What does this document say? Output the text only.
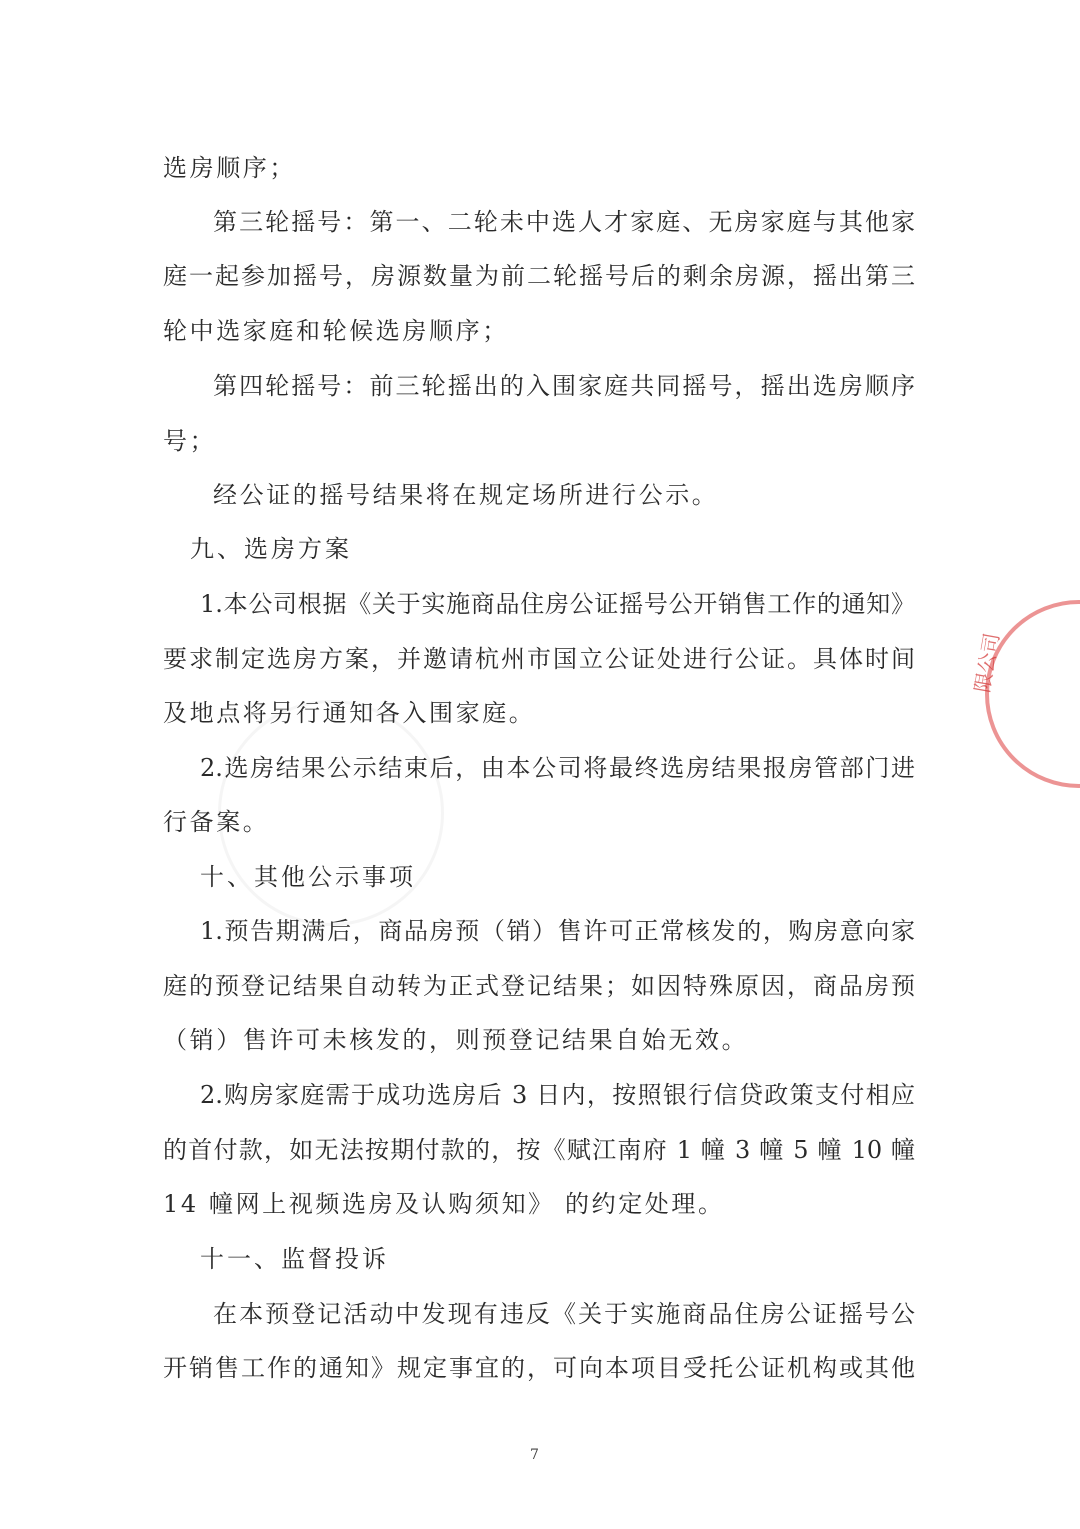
限公司
选房顺序；
第三轮摇号：第一、二轮未中选人才家庭、无房家庭与其他家
庭一起参加摇号，房源数量为前二轮摇号后的剩余房源，摇出第三
轮中选家庭和轮候选房顺序；
第四轮摇号：前三轮摇出的入围家庭共同摇号，摇出选房顺序
号；
经公证的摇号结果将在规定场所进行公示。
九、选房方案
1.本公司根据《关于实施商品住房公证摇号公开销售工作的通知》
要求制定选房方案，并邀请杭州市国立公证处进行公证。具体时间
及地点将另行通知各入围家庭。
2.选房结果公示结束后，由本公司将最终选房结果报房管部门进
行备案。
十、其他公示事项
1.预告期满后，商品房预（销）售许可正常核发的，购房意向家
庭的预登记结果自动转为正式登记结果；如因特殊原因，商品房预
（销）售许可未核发的，则预登记结果自始无效。
2.购房家庭需于成功选房后 3 日内，按照银行信贷政策支付相应
的首付款，如无法按期付款的，按《赋江南府 1 幢 3 幢 5 幢 10 幢
14 幢网上视频选房及认购须知》 的约定处理。
十一、监督投诉
在本预登记活动中发现有违反《关于实施商品住房公证摇号公
开销售工作的通知》规定事宜的，可向本项目受托公证机构或其他
7
